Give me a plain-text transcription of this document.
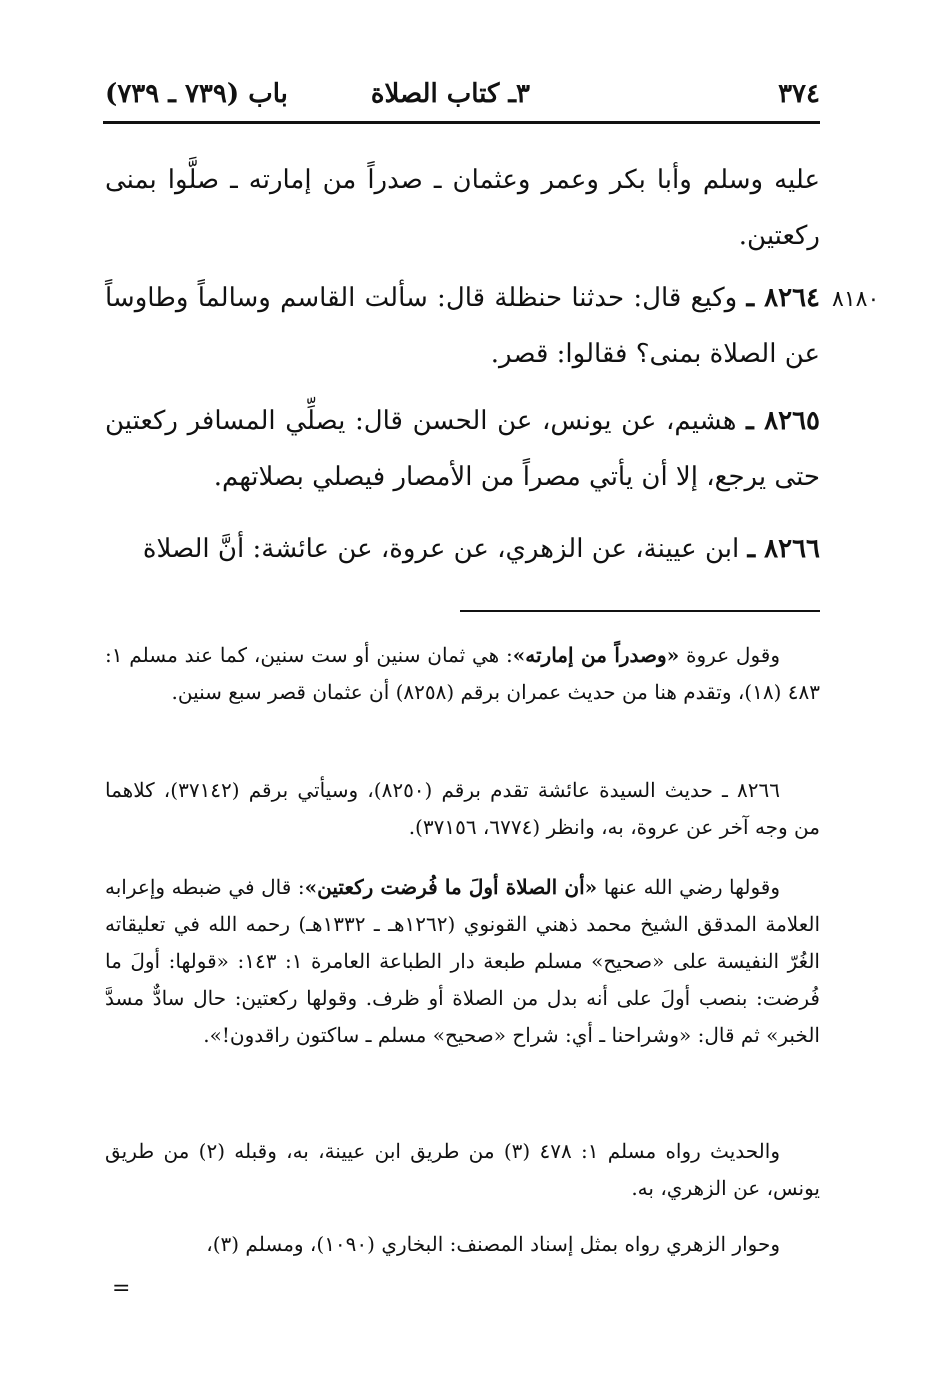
٣٧٤
٣ـ كتاب الصلاة
باب (٧٣٩ ـ ٧٣٩)
عليه وسلم وأبا بكر وعمر وعثمان ـ صدراً من إمارته ـ صلَّوا بمنى ركعتين.
٨١٨٠
٨٢٦٤ ـ وكيع قال: حدثنا حنظلة قال: سألت القاسم وسالماً وطاوساً عن الصلاة بمنى؟ فقالوا: قصر.
٨٢٦٥ ـ هشيم، عن يونس، عن الحسن قال: يصلِّي المسافر ركعتين حتى يرجع، إلا أن يأتي مصراً من الأمصار فيصلي بصلاتهم.
٨٢٦٦ ـ ابن عيينة، عن الزهري، عن عروة، عن عائشة: أنَّ الصلاة
وقول عروة «وصدراً من إمارته»: هي ثمان سنين أو ست سنين، كما عند مسلم ١: ٤٨٣ (١٨)، وتقدم هنا من حديث عمران برقم (٨٢٥٨) أن عثمان قصر سبع سنين.
٨٢٦٦ ـ حديث السيدة عائشة تقدم برقم (٨٢٥٠)، وسيأتي برقم (٣٧١٤٢)، كلاهما من وجه آخر عن عروة، به، وانظر (٦٧٧٤، ٣٧١٥٦).
وقولها رضي الله عنها «أن الصلاة أولَ ما فُرضت ركعتين»: قال في ضبطه وإعرابه العلامة المدقق الشيخ محمد ذهني القونوي (١٢٦٢هـ ـ ١٣٣٢هـ) رحمه الله في تعليقاته الغُرّ النفيسة على «صحيح» مسلم طبعة دار الطباعة العامرة ١: ١٤٣: «قولها: أولَ ما فُرضت: بنصب أولَ على أنه بدل من الصلاة أو ظرف. وقولها ركعتين: حال سادٌّ مسدَّ الخبر» ثم قال: «وشراحنا ـ أي: شراح «صحيح» مسلم ـ ساكتون راقدون!».
والحديث رواه مسلم ١: ٤٧٨ (٣) من طريق ابن عيينة، به، وقبله (٢) من طريق يونس، عن الزهري، به.
وحوار الزهري رواه بمثل إسناد المصنف: البخاري (١٠٩٠)، ومسلم (٣)،
=
